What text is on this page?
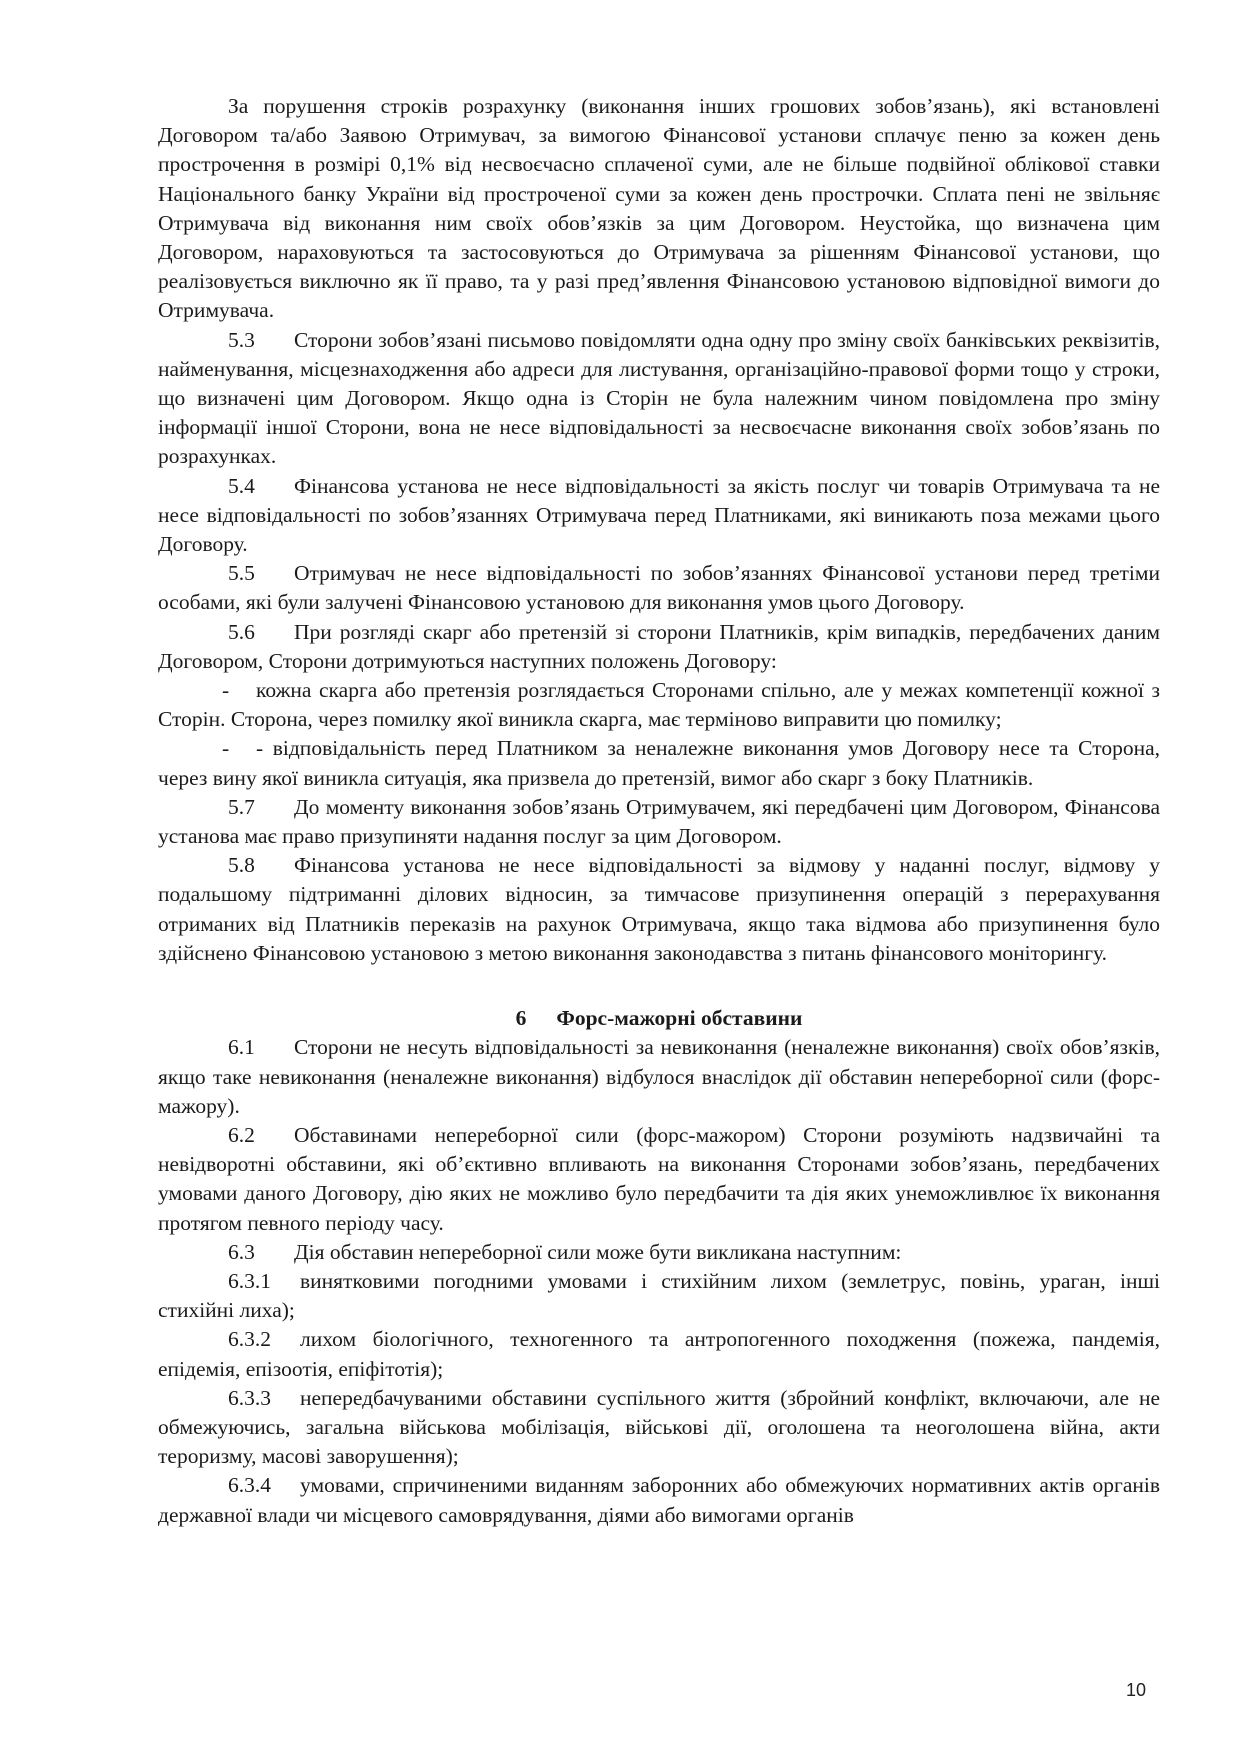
За порушення строків розрахунку (виконання інших грошових зобов’язань), які встановлені Договором та/або Заявою Отримувач, за вимогою Фінансової установи сплачує пеню за кожен день прострочення в розмірі 0,1% від несвоєчасно сплаченої суми, але не більше подвійної облікової ставки Національного банку України від простроченої суми за кожен день прострочки. Сплата пені не звільняє Отримувача від виконання ним своїх обов’язків за цим Договором. Неустойка, що визначена цим Договором, нараховуються та застосовуються до Отримувача за рішенням Фінансової установи, що реалізовується виключно як її право, та у разі пред’явлення Фінансовою установою відповідної вимоги до Отримувача.

5.3 Сторони зобов’язані письмово повідомляти одна одну про зміну своїх банківських реквізитів, найменування, місцезнаходження або адреси для листування, організаційно-правової форми тощо у строки, що визначені цим Договором. Якщо одна із Сторін не була належним чином повідомлена про зміну інформації іншої Сторони, вона не несе відповідальності за несвоєчасне виконання своїх зобов’язань по розрахунках.

5.4 Фінансова установа не несе відповідальності за якість послуг чи товарів Отримувача та не несе відповідальності по зобов’язаннях Отримувача перед Платниками, які виникають поза межами цього Договору.

5.5 Отримувач не несе відповідальності по зобов’язаннях Фінансової установи перед третіми особами, які були залучені Фінансовою установою для виконання умов цього Договору.

5.6 При розгляді скарг або претензій зі сторони Платників, крім випадків, передбачених даним Договором, Сторони дотримуються наступних положень Договору:

- кожна скарга або претензія розглядається Сторонами спільно, але у межах компетенції кожної з Сторін. Сторона, через помилку якої виникла скарга, має терміново виправити цю помилку;

- - відповідальність перед Платником за неналежне виконання умов Договору несе та Сторона, через вину якої виникла ситуація, яка призвела до претензій, вимог або скарг з боку Платників.

5.7 До моменту виконання зобов’язань Отримувачем, які передбачені цим Договором, Фінансова установа має право призупиняти надання послуг за цим Договором.

5.8 Фінансова установа не несе відповідальності за відмову у наданні послуг, відмову у подальшому підтриманні ділових відносин, за тимчасове призупинення операцій з перерахування отриманих від Платників переказів на рахунок Отримувача, якщо така відмова або призупинення було здійснено Фінансовою установою з метою виконання законодавства з питань фінансового моніторингу.

6 Форс-мажорні обставини

6.1 Сторони не несуть відповідальності за невиконання (неналежне виконання) своїх обов’язків, якщо таке невиконання (неналежне виконання) відбулося внаслідок дії обставин непереборної сили (форс-мажору).

6.2 Обставинами непереборної сили (форс-мажором) Сторони розуміють надзвичайні та невідворотні обставини, які об’єктивно впливають на виконання Сторонами зобов’язань, передбачених умовами даного Договору, дію яких не можливо було передбачити та дія яких унеможливлює їх виконання протягом певного періоду часу.

6.3 Дія обставин непереборної сили може бути викликана наступним:

6.3.1 винятковими погодними умовами і стихійним лихом (землетрус, повінь, ураган, інші стихійні лиха);

6.3.2 лихом біологічного, техногенного та антропогенного походження (пожежа, пандемія, епідемія, епізоотія, епіфітотія);

6.3.3 непередбачуваними обставини суспільного життя (збройний конфлікт, включаючи, але не обмежуючись, загальна військова мобілізація, військові дії, оголошена та неоголошена війна, акти тероризму, масові заворушення);

6.3.4 умовами, спричиненими виданням заборонних або обмежуючих нормативних актів органів державної влади чи місцевого самоврядування, діями або вимогами органів

10
